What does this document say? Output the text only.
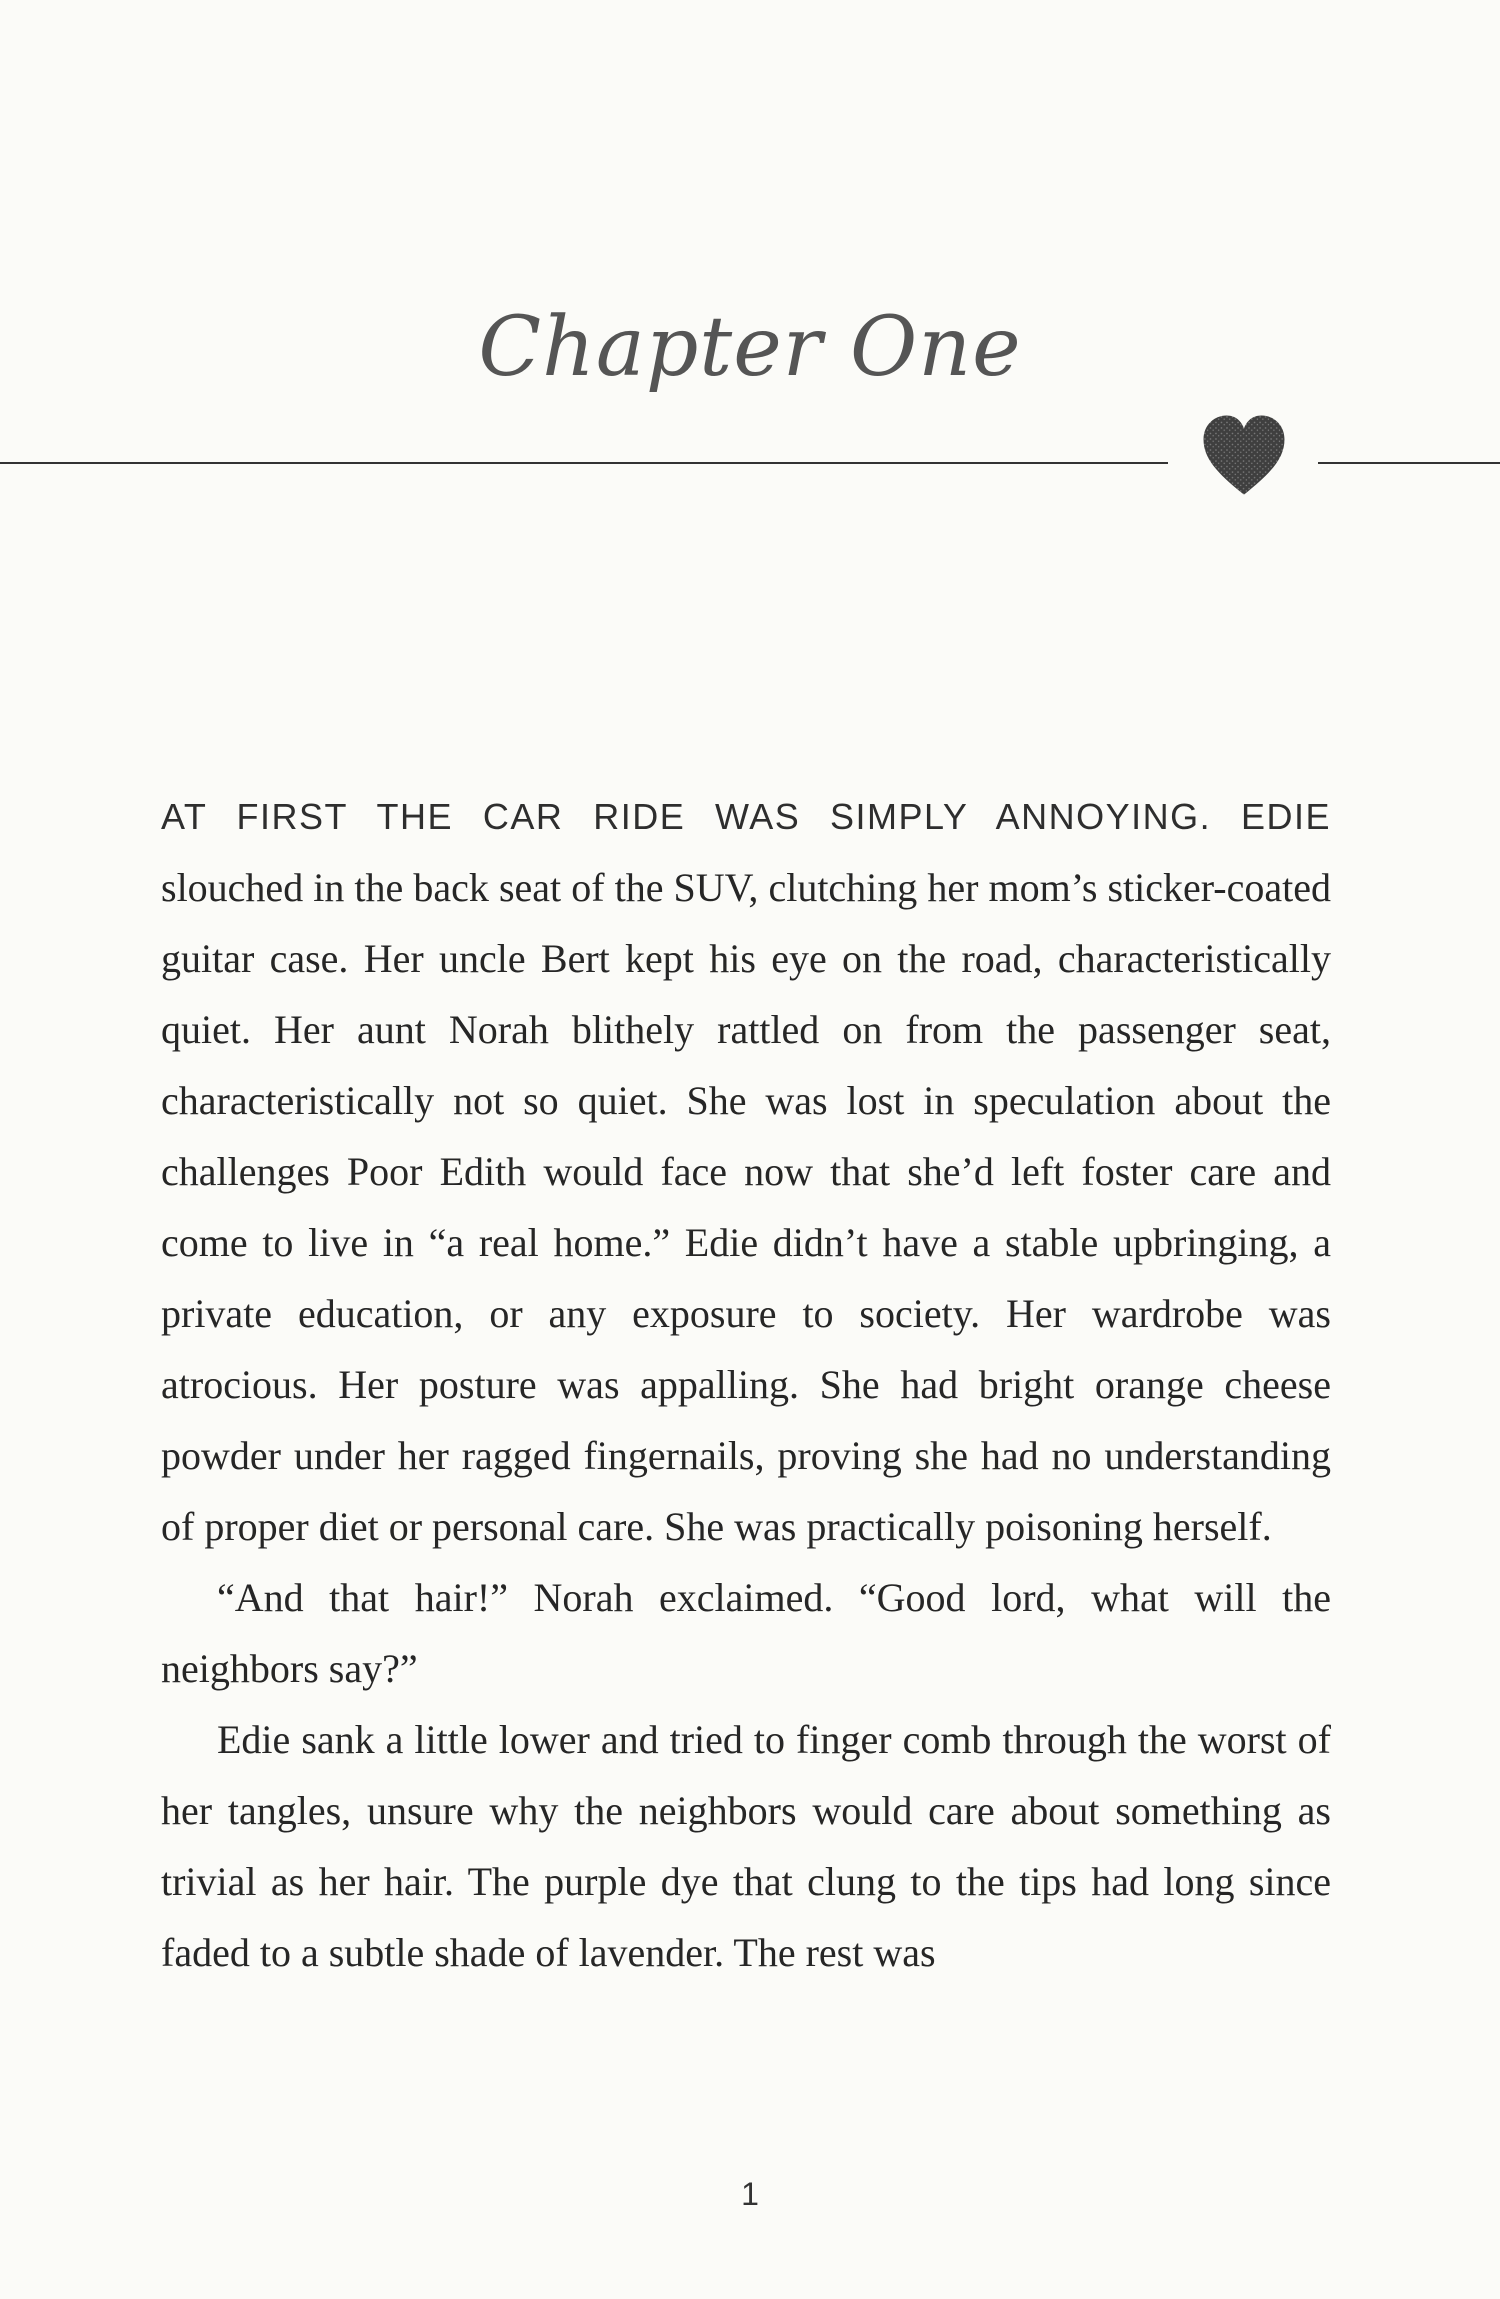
Chapter One

AT FIRST THE CAR RIDE WAS SIMPLY ANNOYING. EDIE slouched in the back seat of the SUV, clutching her mom’s sticker-coated guitar case. Her uncle Bert kept his eye on the road, characteristically quiet. Her aunt Norah blithely rattled on from the passenger seat, characteristically not so quiet. She was lost in speculation about the challenges Poor Edith would face now that she’d left foster care and come to live in “a real home.” Edie didn’t have a stable upbringing, a private education, or any exposure to society. Her wardrobe was atrocious. Her posture was appalling. She had bright orange cheese powder under her ragged fingernails, proving she had no understanding of proper diet or personal care. She was practically poisoning herself.

“And that hair!” Norah exclaimed. “Good lord, what will the neighbors say?”

Edie sank a little lower and tried to finger comb through the worst of her tangles, unsure why the neighbors would care about something as trivial as her hair. The purple dye that clung to the tips had long since faded to a subtle shade of lavender. The rest was

1
